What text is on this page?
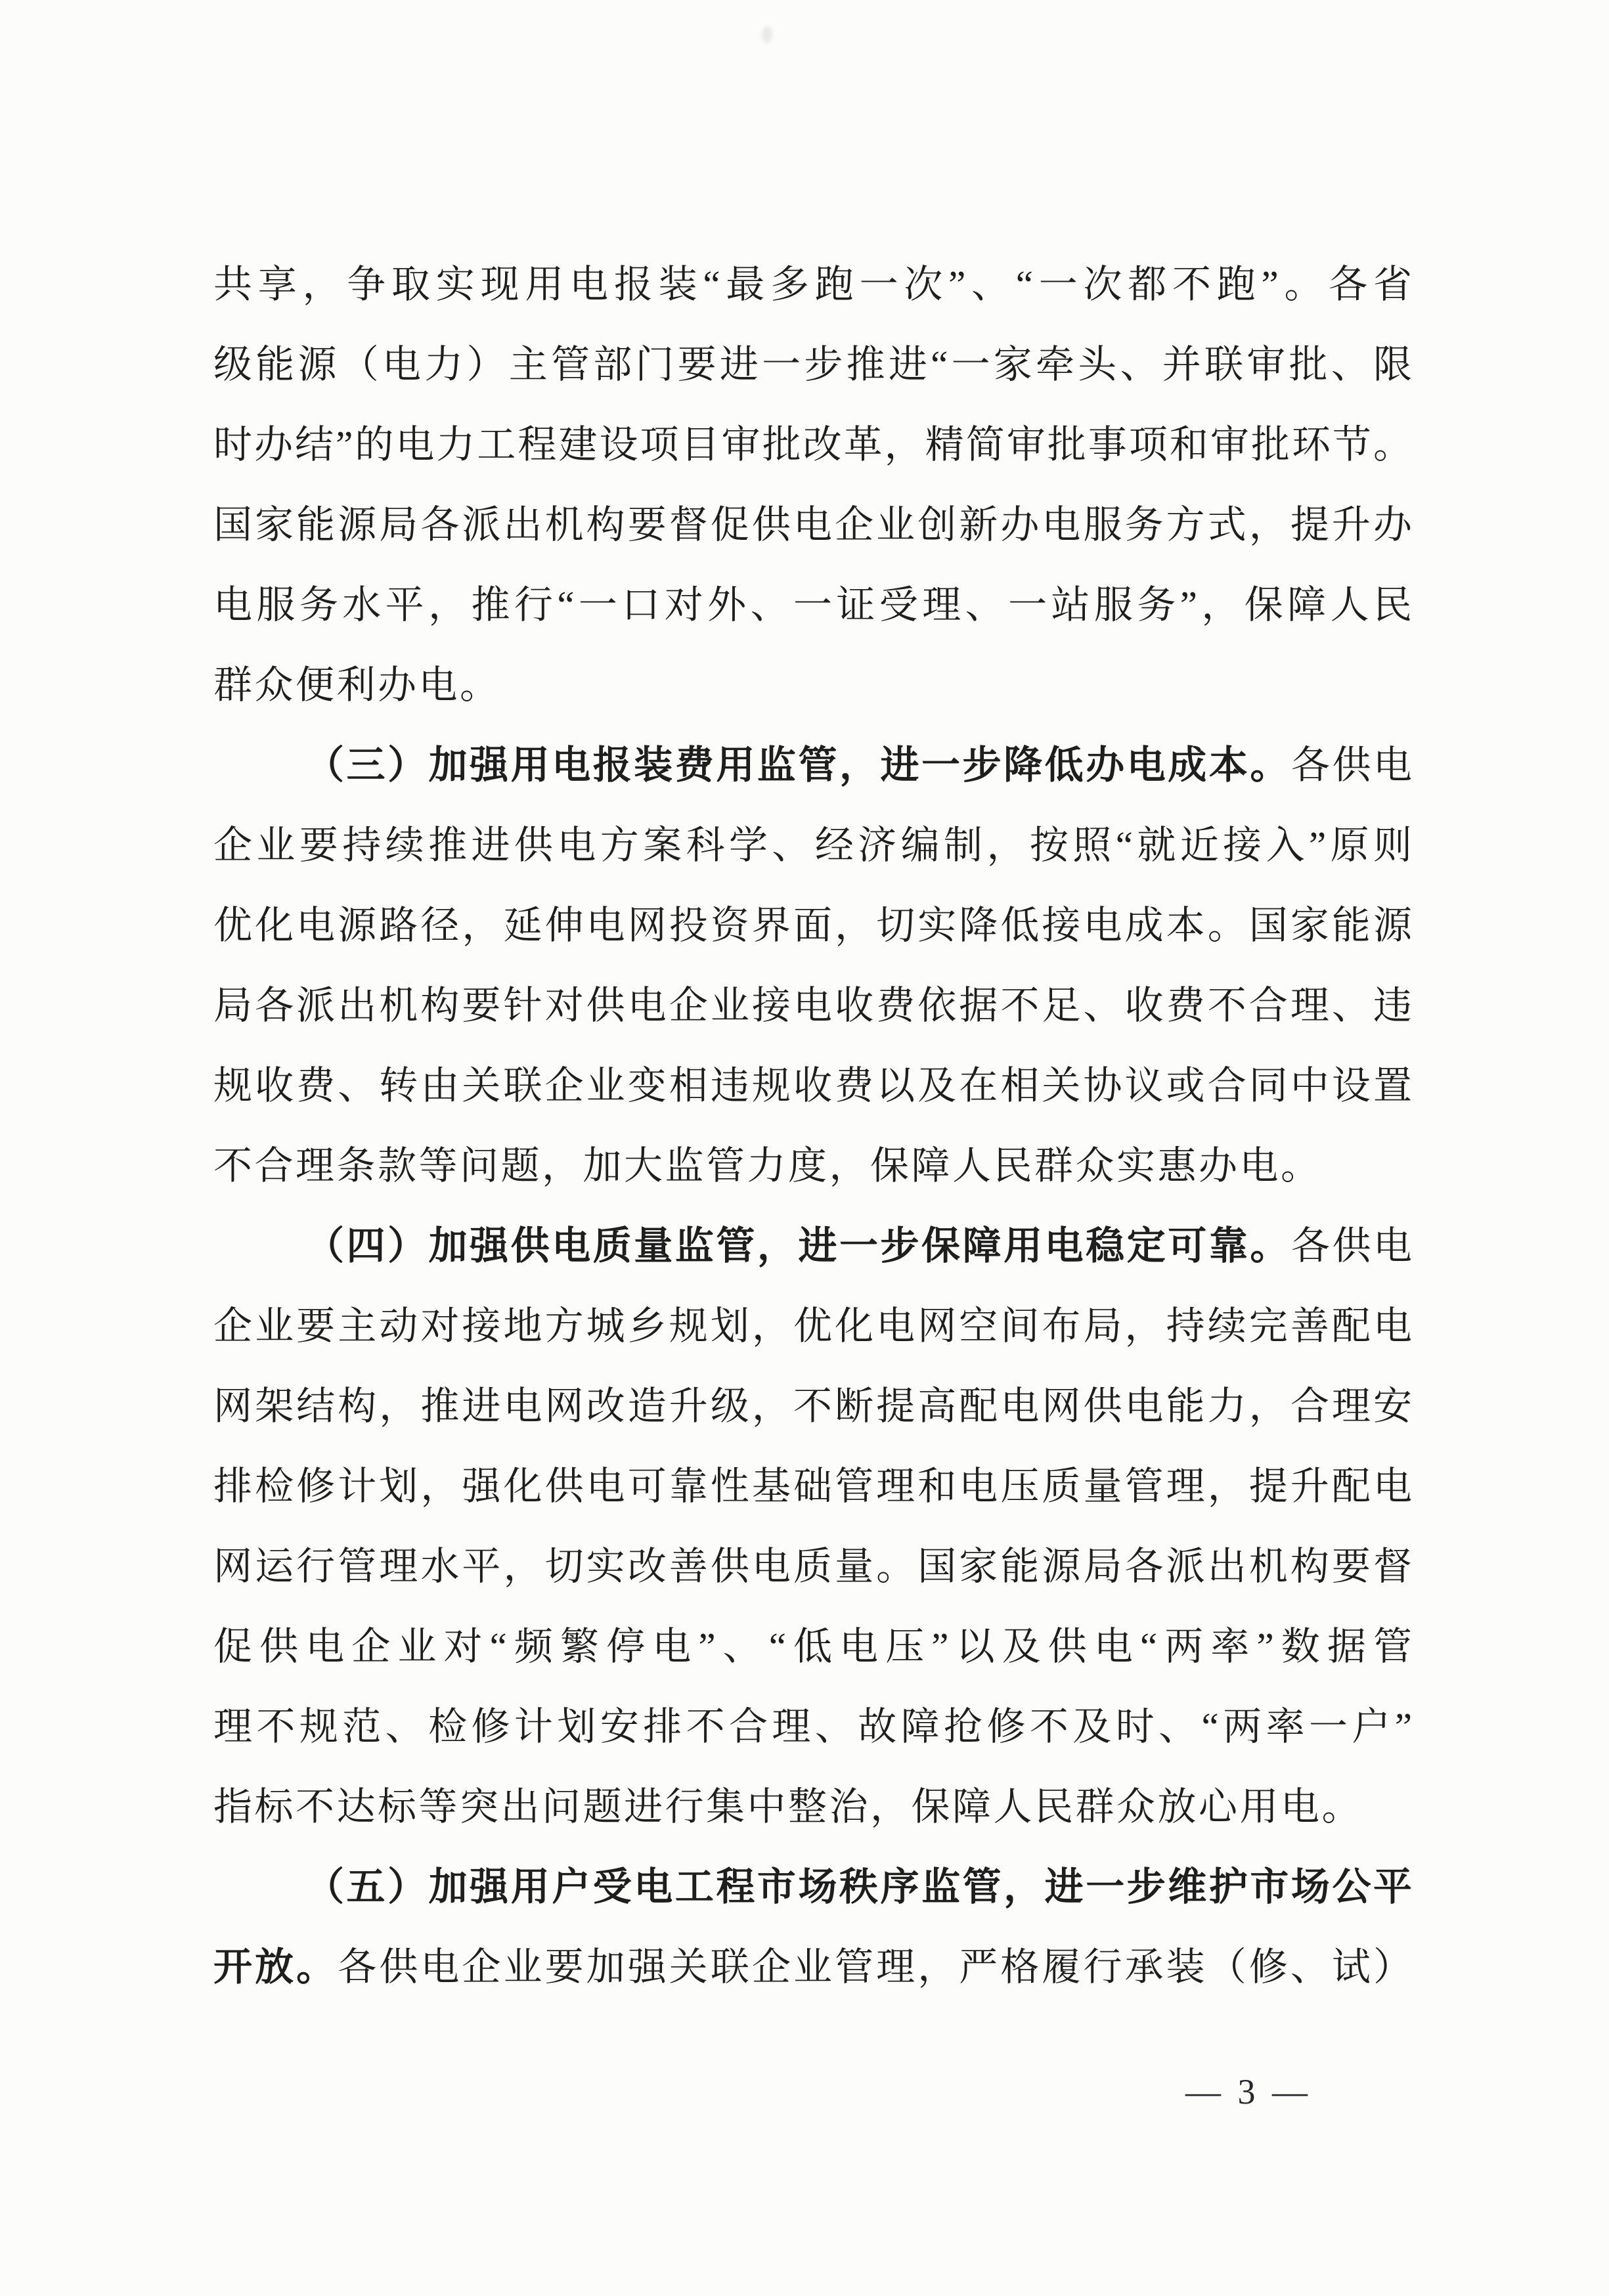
共享，争取实现用电报装“最多跑一次”、“一次都不跑”。各省
级能源（电力）主管部门要进一步推进“一家牵头、并联审批、限
时办结”的电力工程建设项目审批改革，精简审批事项和审批环节。
国家能源局各派出机构要督促供电企业创新办电服务方式，提升办
电服务水平，推行“一口对外、一证受理、一站服务”，保障人民
群众便利办电。
（三）加强用电报装费用监管，进一步降低办电成本。各供电
企业要持续推进供电方案科学、经济编制，按照“就近接入”原则
优化电源路径，延伸电网投资界面，切实降低接电成本。国家能源
局各派出机构要针对供电企业接电收费依据不足、收费不合理、违
规收费、转由关联企业变相违规收费以及在相关协议或合同中设置
不合理条款等问题，加大监管力度，保障人民群众实惠办电。
（四）加强供电质量监管，进一步保障用电稳定可靠。各供电
企业要主动对接地方城乡规划，优化电网空间布局，持续完善配电
网架结构，推进电网改造升级，不断提高配电网供电能力，合理安
排检修计划，强化供电可靠性基础管理和电压质量管理，提升配电
网运行管理水平，切实改善供电质量。国家能源局各派出机构要督
促供电企业对“频繁停电”、“低电压”以及供电“两率”数据管
理不规范、检修计划安排不合理、故障抢修不及时、“两率一户”
指标不达标等突出问题进行集中整治，保障人民群众放心用电。
（五）加强用户受电工程市场秩序监管，进一步维护市场公平
开放。各供电企业要加强关联企业管理，严格履行承装（修、试）
— 3 —
